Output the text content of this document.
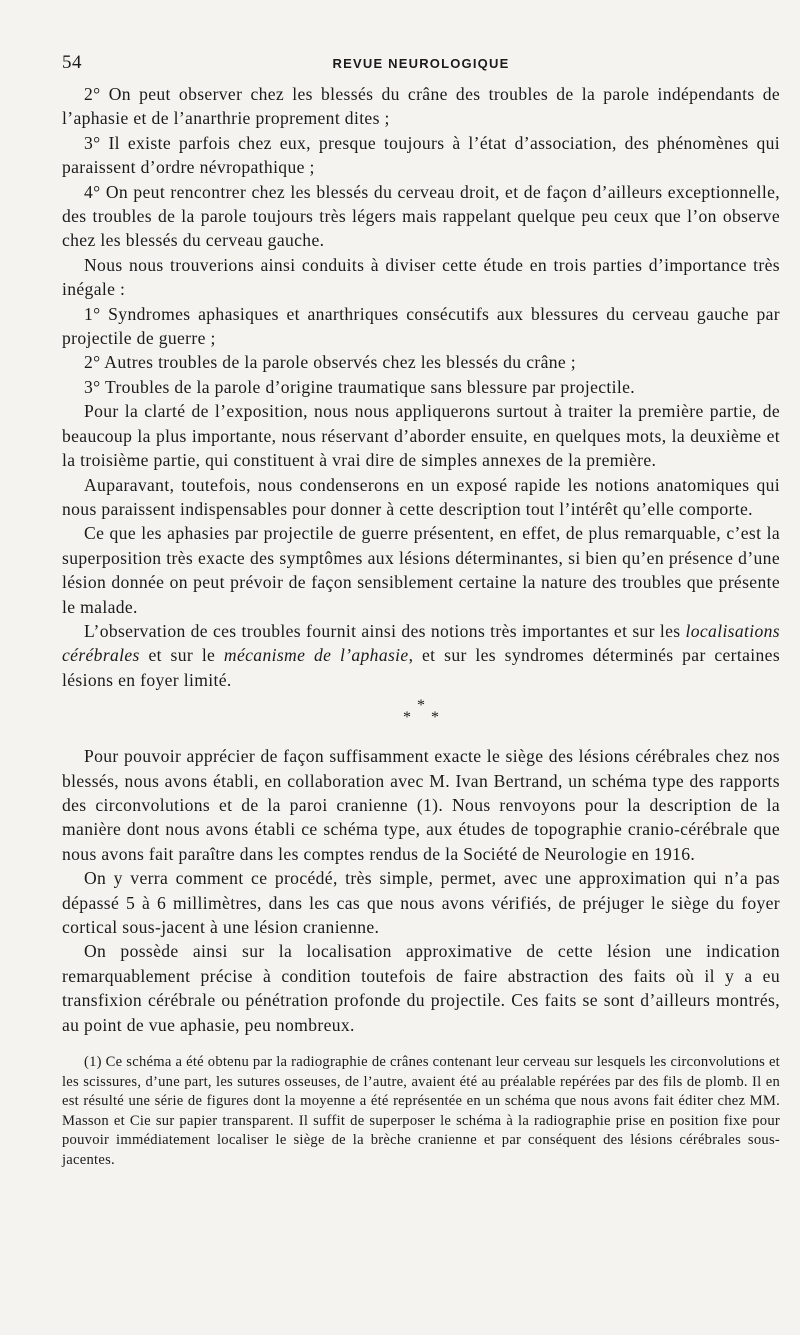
54	REVUE NEUROLOGIQUE

2° On peut observer chez les blessés du crâne des troubles de la parole indépendants de l’aphasie et de l’anarthrie proprement dites ;

3° Il existe parfois chez eux, presque toujours à l’état d’association, des phénomènes qui paraissent d’ordre névropathique ;

4° On peut rencontrer chez les blessés du cerveau droit, et de façon d’ailleurs exceptionnelle, des troubles de la parole toujours très légers mais rappelant quelque peu ceux que l’on observe chez les blessés du cerveau gauche.

Nous nous trouverions ainsi conduits à diviser cette étude en trois parties d’importance très inégale :

1° Syndromes aphasiques et anarthriques consécutifs aux blessures du cerveau gauche par projectile de guerre ;

2° Autres troubles de la parole observés chez les blessés du crâne ;

3° Troubles de la parole d’origine traumatique sans blessure par projectile.

Pour la clarté de l’exposition, nous nous appliquerons surtout à traiter la première partie, de beaucoup la plus importante, nous réservant d’aborder ensuite, en quelques mots, la deuxième et la troisième partie, qui constituent à vrai dire de simples annexes de la première.

Auparavant, toutefois, nous condenserons en un exposé rapide les notions anatomiques qui nous paraissent indispensables pour donner à cette description tout l’intérêt qu’elle comporte.

Ce que les aphasies par projectile de guerre présentent, en effet, de plus remarquable, c’est la superposition très exacte des symptômes aux lésions déterminantes, si bien qu’en présence d’une lésion donnée on peut prévoir de façon sensiblement certaine la nature des troubles que présente le malade.

L’observation de ces troubles fournit ainsi des notions très importantes et sur les localisations cérébrales et sur le mécanisme de l’aphasie, et sur les syndromes déterminés par certaines lésions en foyer limité.

*
* *

Pour pouvoir apprécier de façon suffisamment exacte le siège des lésions cérébrales chez nos blessés, nous avons établi, en collaboration avec M. Ivan Bertrand, un schéma type des rapports des circonvolutions et de la paroi cranienne (1). Nous renvoyons pour la description de la manière dont nous avons établi ce schéma type, aux études de topographie cranio-cérébrale que nous avons fait paraître dans les comptes rendus de la Société de Neurologie en 1916.

On y verra comment ce procédé, très simple, permet, avec une approximation qui n’a pas dépassé 5 à 6 millimètres, dans les cas que nous avons vérifiés, de préjuger le siège du foyer cortical sous-jacent à une lésion cranienne.

On possède ainsi sur la localisation approximative de cette lésion une indication remarquablement précise à condition toutefois de faire abstraction des faits où il y a eu transfixion cérébrale ou pénétration profonde du projectile. Ces faits se sont d’ailleurs montrés, au point de vue aphasie, peu nombreux.

(1) Ce schéma a été obtenu par la radiographie de crânes contenant leur cerveau sur lesquels les circonvolutions et les scissures, d’une part, les sutures osseuses, de l’autre, avaient été au préalable repérées par des fils de plomb. Il en est résulté une série de figures dont la moyenne a été représentée en un schéma que nous avons fait éditer chez MM. Masson et Cie sur papier transparent. Il suffit de superposer le schéma à la radiographie prise en position fixe pour pouvoir immédiatement localiser le siège de la brèche cranienne et par conséquent des lésions cérébrales sous-jacentes.
